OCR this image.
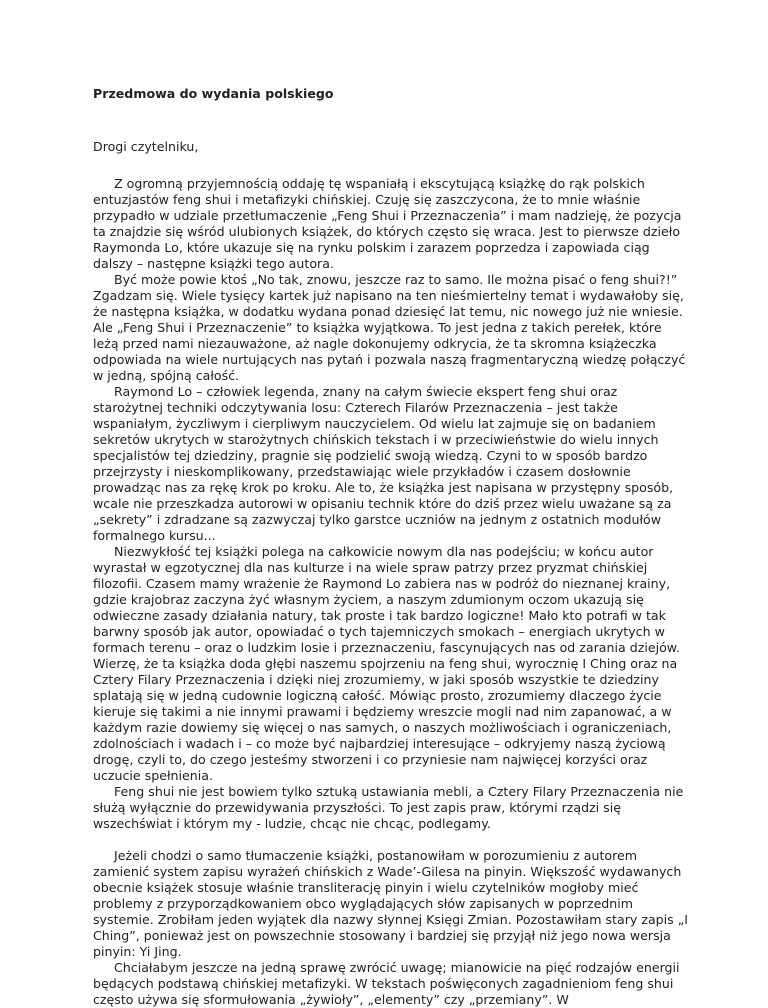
Przedmowa do wydania polskiego

Drogi czytelniku,

Z ogromną przyjemnością oddaję tę wspaniałą i ekscytującą książkę do rąk polskich entuzjastów feng shui i metafizyki chińskiej. Czuję się zaszczycona, że to mnie właśnie przypadło w udziale przetłumaczenie „Feng Shui i Przeznaczenia” i mam nadzieję, że pozycja ta znajdzie się wśród ulubionych książek, do których często się wraca. Jest to pierwsze dzieło Raymonda Lo, które ukazuje się na rynku polskim i zarazem poprzedza i zapowiada ciąg dalszy – następne książki tego autora.

Być może powie ktoś „No tak, znowu, jeszcze raz to samo. Ile można pisać o feng shui?!” Zgadzam się. Wiele tysięcy kartek już napisano na ten nieśmiertelny temat i wydawałoby się, że następna książka, w dodatku wydana ponad dziesięć lat temu, nic nowego już nie wniesie. Ale „Feng Shui i Przeznaczenie” to książka wyjątkowa. To jest jedna z takich perełek, które leżą przed nami niezauważone, aż nagle dokonujemy odkrycia, że ta skromna książeczka odpowiada na wiele nurtujących nas pytań i pozwala naszą fragmentaryczną wiedzę połączyć w jedną, spójną całość.

Raymond Lo – człowiek legenda, znany na całym świecie ekspert feng shui oraz starożytnej techniki odczytywania losu: Czterech Filarów Przeznaczenia – jest także wspaniałym, życzliwym i cierpliwym nauczycielem. Od wielu lat zajmuje się on badaniem sekretów ukrytych w starożytnych chińskich tekstach i w przeciwieństwie do wielu innych specjalistów tej dziedziny, pragnie się podzielić swoją wiedzą. Czyni to w sposób bardzo przejrzysty i nieskomplikowany, przedstawiając wiele przykładów i czasem dosłownie prowadząc nas za rękę krok po kroku. Ale to, że książka jest napisana w przystępny sposób, wcale nie przeszkadza autorowi w opisaniu technik które do dziś przez wielu uważane są za „sekrety” i zdradzane są zazwyczaj tylko garstce uczniów na jednym z ostatnich modułów formalnego kursu...

Niezwykłość tej książki polega na całkowicie nowym dla nas podejściu; w końcu autor wyrastał w egzotycznej dla nas kulturze i na wiele spraw patrzy przez pryzmat chińskiej filozofii. Czasem mamy wrażenie że Raymond Lo zabiera nas w podróż do nieznanej krainy, gdzie krajobraz zaczyna żyć własnym życiem, a naszym zdumionym oczom ukazują się odwieczne zasady działania natury, tak proste i tak bardzo logiczne! Mało kto potrafi w tak barwny sposób jak autor, opowiadać o tych tajemniczych smokach – energiach ukrytych w formach terenu – oraz o ludzkim losie i przeznaczeniu, fascynujących nas od zarania dziejów. Wierzę, że ta książka doda głębi naszemu spojrzeniu na feng shui, wyrocznię I Ching oraz na Cztery Filary Przeznaczenia i dzięki niej zrozumiemy, w jaki sposób wszystkie te dziedziny splatają się w jedną cudownie logiczną całość. Mówiąc prosto, zrozumiemy dlaczego życie kieruje się takimi a nie innymi prawami i będziemy wreszcie mogli nad nim zapanować, a w każdym razie dowiemy się więcej o nas samych, o naszych możliwościach i ograniczeniach, zdolnościach i wadach i – co może być najbardziej interesujące – odkryjemy naszą życiową drogę, czyli to, do czego jesteśmy stworzeni i co przyniesie nam najwięcej korzyści oraz uczucie spełnienia.

Feng shui nie jest bowiem tylko sztuką ustawiania mebli, a Cztery Filary Przeznaczenia nie służą wyłącznie do przewidywania przyszłości. To jest zapis praw, którymi rządzi się wszechświat i którym my - ludzie, chcąc nie chcąc, podlegamy.

Jeżeli chodzi o samo tłumaczenie książki, postanowiłam w porozumieniu z autorem zamienić system zapisu wyrażeń chińskich z Wade’-Gilesa na pinyin. Większość wydawanych obecnie książek stosuje właśnie transliterację pinyin i wielu czytelników mogłoby mieć problemy z przyporządkowaniem obco wyglądających słów zapisanych w poprzednim systemie. Zrobiłam jeden wyjątek dla nazwy słynnej Księgi Zmian. Pozostawiłam stary zapis „I Ching”, ponieważ jest on powszechnie stosowany i bardziej się przyjął niż jego nowa wersja pinyin: Yi Jing.

Chciałabym jeszcze na jedną sprawę zwrócić uwagę; mianowicie na pięć rodzajów energii będących podstawą chińskiej metafizyki. W tekstach poświęconych zagadnieniom feng shui często używa się sformułowania „żywioły”, „elementy” czy „przemiany”. W
